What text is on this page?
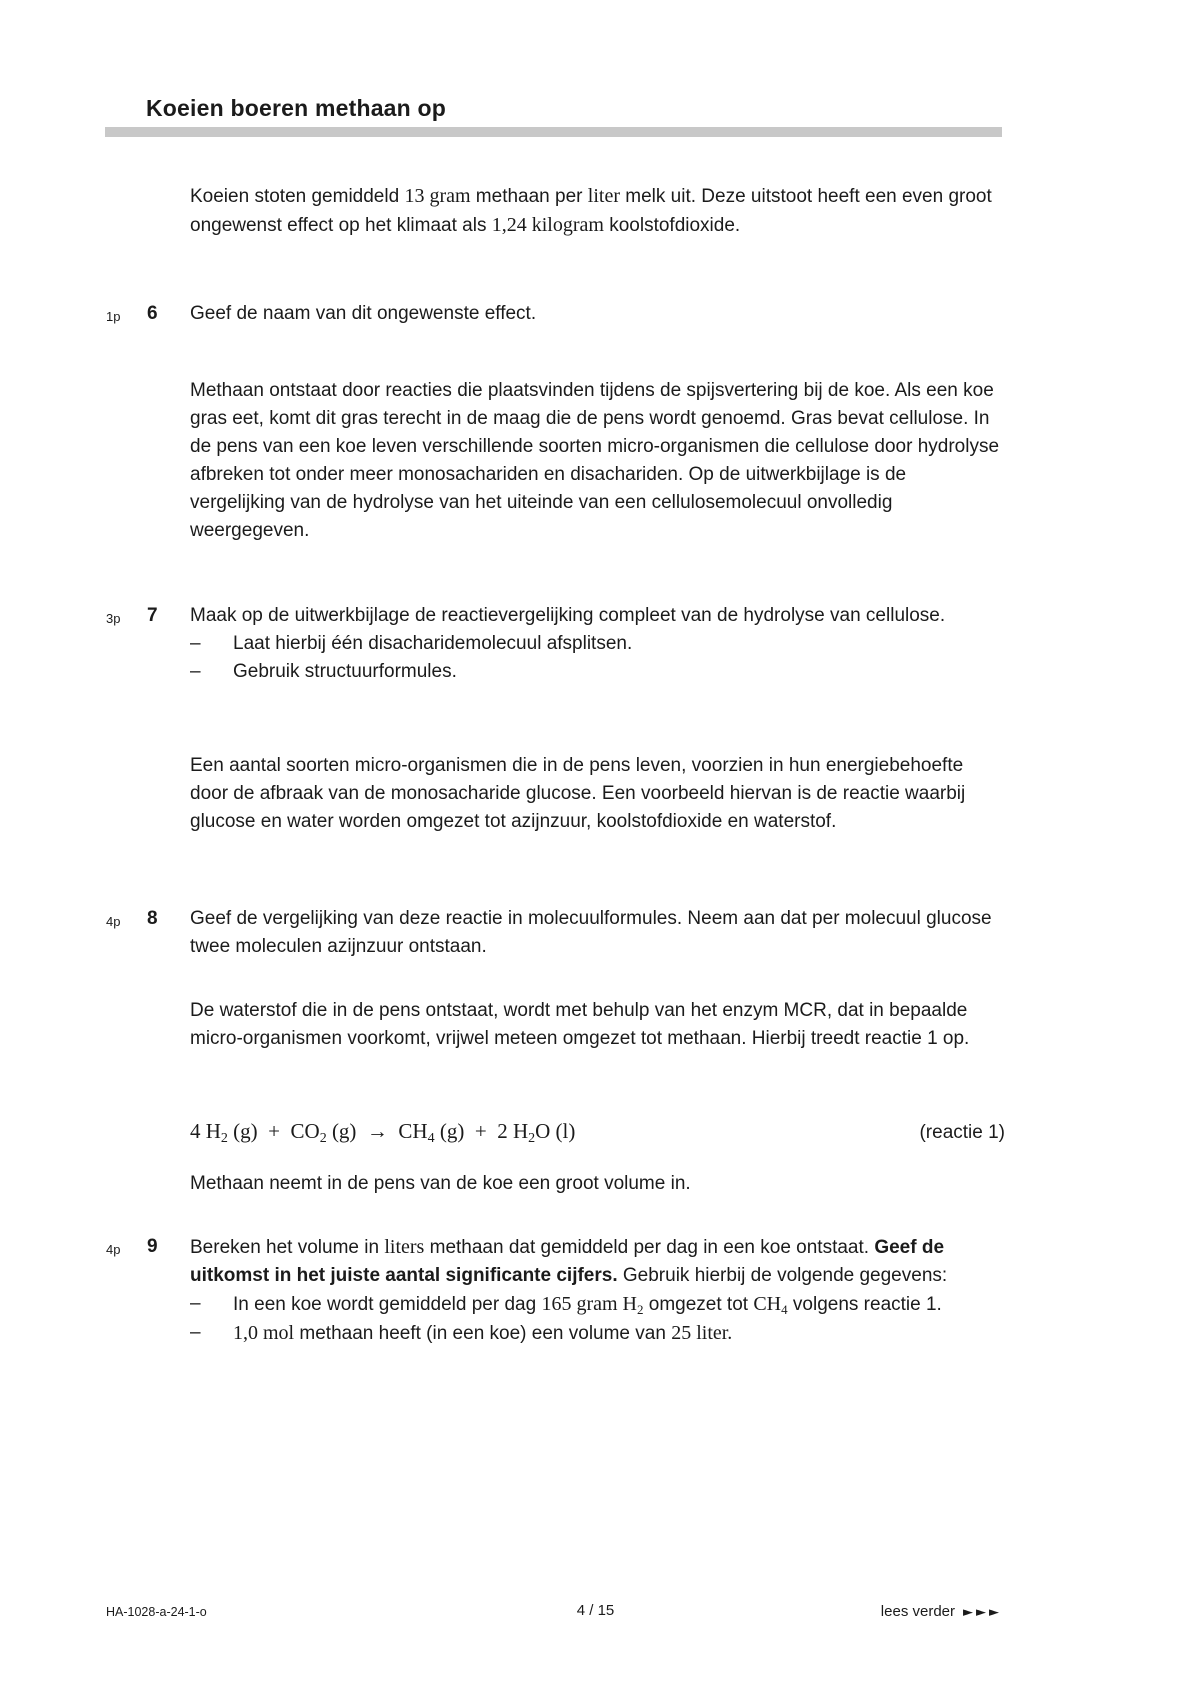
Koeien boeren methaan op
Koeien stoten gemiddeld 13 gram methaan per liter melk uit. Deze uitstoot heeft een even groot ongewenst effect op het klimaat als 1,24 kilogram koolstofdioxide.
1p	6	Geef de naam van dit ongewenste effect.
Methaan ontstaat door reacties die plaatsvinden tijdens de spijsvertering bij de koe. Als een koe gras eet, komt dit gras terecht in de maag die de pens wordt genoemd. Gras bevat cellulose. In de pens van een koe leven verschillende soorten micro-organismen die cellulose door hydrolyse afbreken tot onder meer monosachariden en disachariden. Op de uitwerkbijlage is de vergelijking van de hydrolyse van het uiteinde van een cellulosemolecuul onvolledig weergegeven.
3p	7	Maak op de uitwerkbijlage de reactievergelijking compleet van de hydrolyse van cellulose.
–	Laat hierbij één disacharidemolecuul afsplitsen.
–	Gebruik structuurformules.
Een aantal soorten micro-organismen die in de pens leven, voorzien in hun energiebehoefte door de afbraak van de monosacharide glucose. Een voorbeeld hiervan is de reactie waarbij glucose en water worden omgezet tot azijnzuur, koolstofdioxide en waterstof.
4p	8	Geef de vergelijking van deze reactie in molecuulformules. Neem aan dat per molecuul glucose twee moleculen azijnzuur ontstaan.
De waterstof die in de pens ontstaat, wordt met behulp van het enzym MCR, dat in bepaalde micro-organismen voorkomt, vrijwel meteen omgezet tot methaan. Hierbij treedt reactie 1 op.
4 $H_2$ $(g) + CO_2$ $(g) \to CH_4$ (g)  +  2 $H_2O$ (l)	(reactie 1)
Methaan neemt in de pens van de koe een groot volume in.
4p	9	Bereken het volume in liters methaan dat gemiddeld per dag in een koe ontstaat. Geef de uitkomst in het juiste aantal significante cijfers. Gebruik hierbij de volgende gegevens:
–	In een koe wordt gemiddeld per dag 165 gram $H_2$ omgezet tot $CH_4$ volgens reactie 1.
–	1,0 mol methaan heeft (in een koe) een volume van 25 liter.
HA-1028-a-24-1-o	4 / 15	lees verder ►►►
